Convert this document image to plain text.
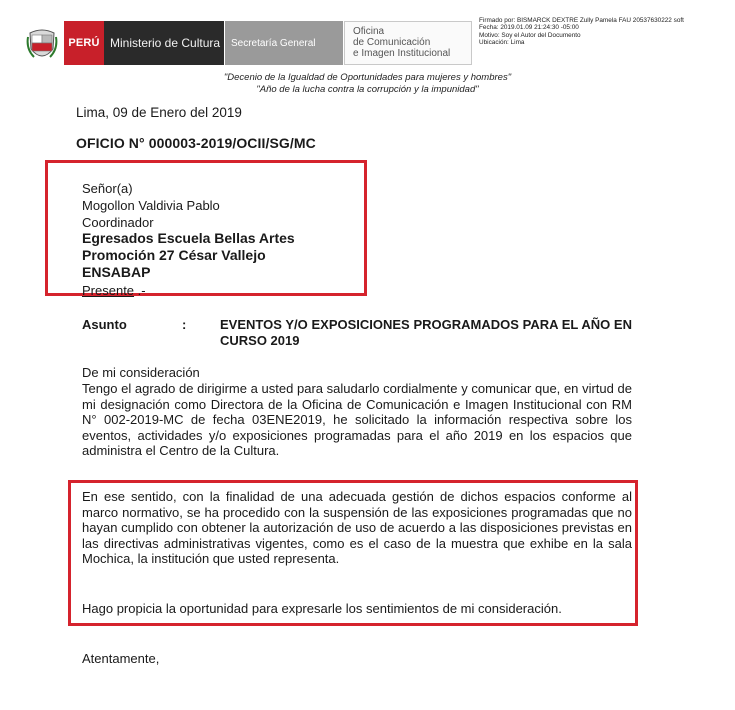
PERÚ Ministerio de Cultura	Secretaría General
Oficina
de Comunicación
e Imagen Institucional
Firmado por: BISMARCK DEXTRE Zully Pamela FAU 20537630222 soft
Fecha: 2019.01.09 21:24:30 -05:00
Motivo: Soy el Autor del Documento
Ubicación: Lima
"Decenio de la Igualdad de Oportunidades para mujeres y hombres"
"Año de la lucha contra la corrupción y la impunidad"
Lima, 09 de Enero del 2019
OFICIO N° 000003-2019/OCII/SG/MC
Señor(a)
Mogollon Valdivia Pablo
Coordinador
Egresados Escuela Bellas Artes
Promoción 27 César Vallejo
ENSABAP
Presente .-
Asunto	:	EVENTOS Y/O EXPOSICIONES PROGRAMADOS PARA EL AÑO EN CURSO 2019
De mi consideración
Tengo el agrado de dirigirme a usted para saludarlo cordialmente y comunicar que, en virtud de mi designación como Directora de la Oficina de Comunicación e Imagen Institucional con RM N° 002-2019-MC de fecha 03ENE2019, he solicitado la información respectiva sobre los eventos, actividades y/o exposiciones programadas para el año 2019 en los espacios que administra el Centro de la Cultura.
En ese sentido, con la finalidad de una adecuada gestión de dichos espacios conforme al marco normativo, se ha procedido con la suspensión de las exposiciones programadas que no hayan cumplido con obtener la autorización de uso de acuerdo a las disposiciones previstas en las directivas administrativas vigentes, como es el caso de la muestra que exhibe en la sala Mochica, la institución que usted representa.
Hago propicia la oportunidad para expresarle los sentimientos de mi consideración.
Atentamente,
